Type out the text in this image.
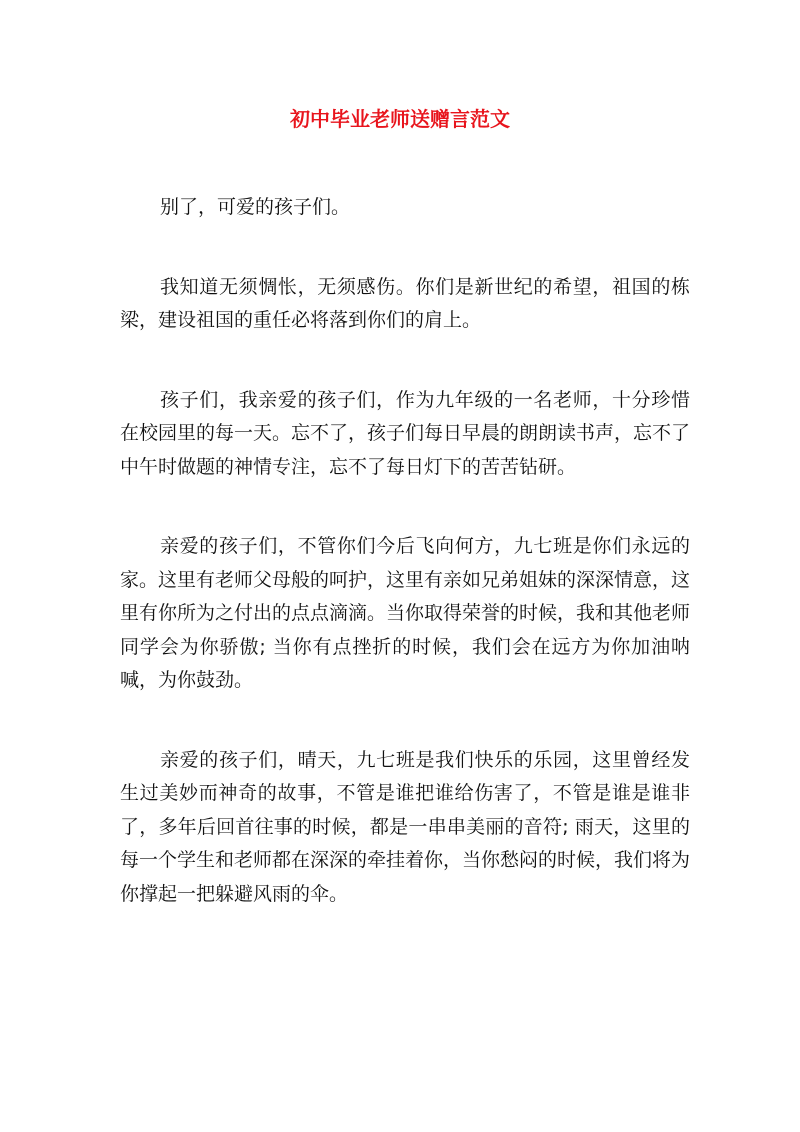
初中毕业老师送赠言范文

别了，可爱的孩子们。

我知道无须惆怅，无须感伤。你们是新世纪的希望，祖国的栋梁，建设祖国的重任必将落到你们的肩上。

孩子们，我亲爱的孩子们，作为九年级的一名老师，十分珍惜在校园里的每一天。忘不了，孩子们每日早晨的朗朗读书声，忘不了中午时做题的神情专注，忘不了每日灯下的苦苦钻研。

亲爱的孩子们，不管你们今后飞向何方，九七班是你们永远的家。这里有老师父母般的呵护，这里有亲如兄弟姐妹的深深情意，这里有你所为之付出的点点滴滴。当你取得荣誉的时候，我和其他老师同学会为你骄傲; 当你有点挫折的时候，我们会在远方为你加油呐喊，为你鼓劲。

亲爱的孩子们，晴天，九七班是我们快乐的乐园，这里曾经发生过美妙而神奇的故事，不管是谁把谁给伤害了，不管是谁是谁非了，多年后回首往事的时候，都是一串串美丽的音符; 雨天，这里的每一个学生和老师都在深深的牵挂着你，当你愁闷的时候，我们将为你撑起一把躲避风雨的伞。
